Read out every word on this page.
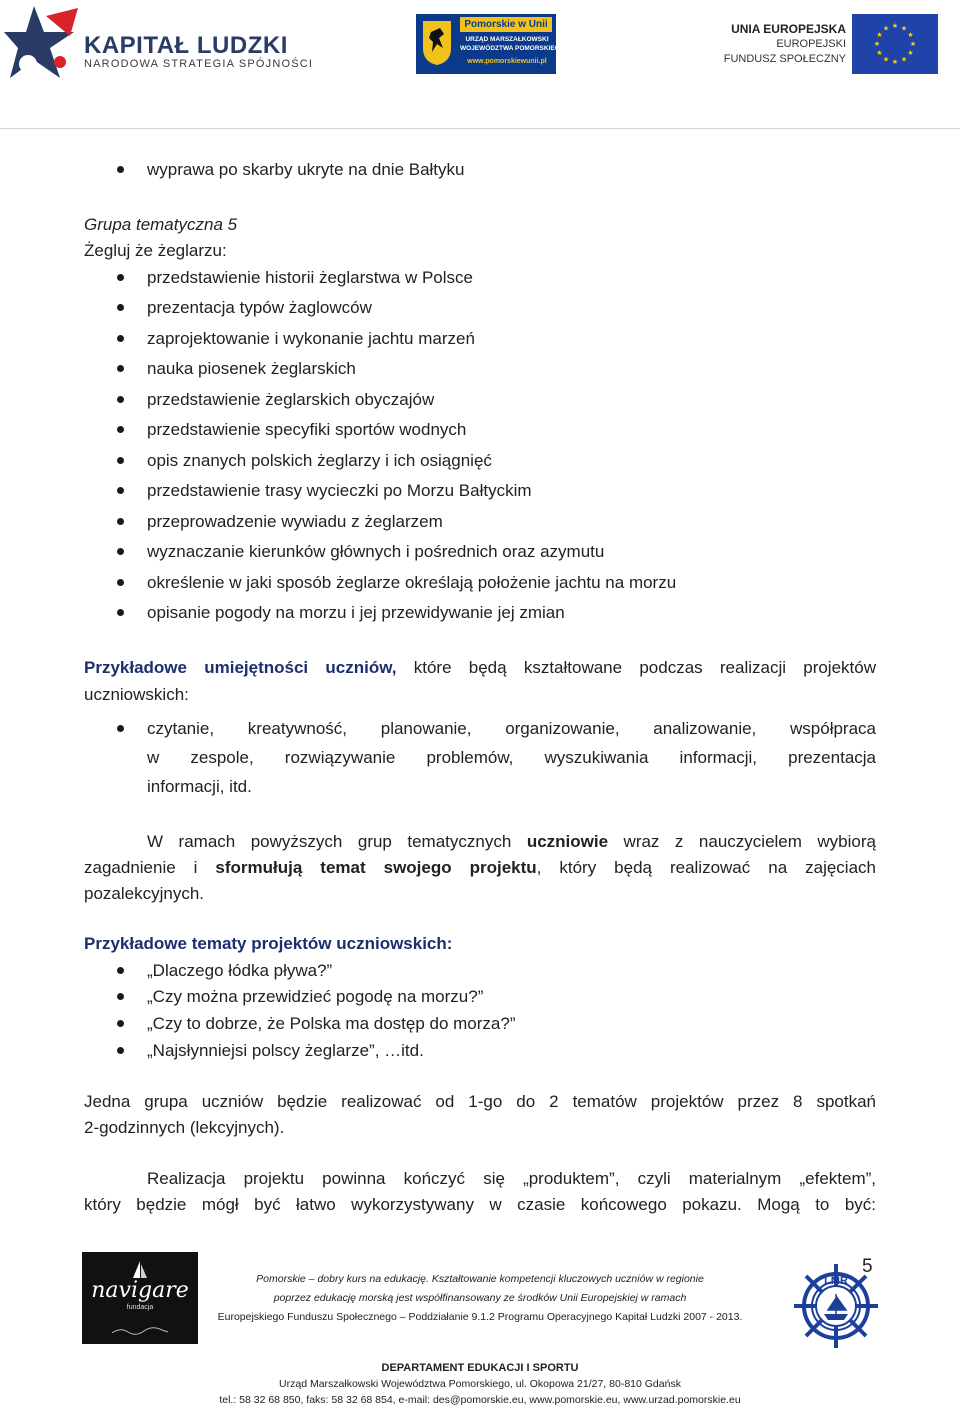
KAPITAŁ LUDZKI
NARODOWA STRATEGIA SPÓJNOŚCI
Pomorskie w Unii
URZĄD MARSZAŁKOWSKI
WOJEWÓDZTWA POMORSKIEGO
www.pomorskiewunii.pl
UNIA EUROPEJSKA
EUROPEJSKI
FUNDUSZ SPOŁECZNY
★ ★
★
★
★
★
★
★
★
★
★
★
wyprawa po skarby ukryte na dnie Bałtyku
Grupa tematyczna 5
Żegluj że żeglarzu:
przedstawienie historii żeglarstwa w Polsce
prezentacja typów żaglowców
zaprojektowanie i wykonanie jachtu marzeń
nauka piosenek żeglarskich
przedstawienie żeglarskich obyczajów
przedstawienie specyfiki sportów wodnych
opis znanych polskich żeglarzy i ich osiągnięć
przedstawienie trasy wycieczki po Morzu Bałtyckim
przeprowadzenie wywiadu z żeglarzem
wyznaczanie kierunków głównych i pośrednich oraz azymutu
określenie w jaki sposób żeglarze określają położenie jachtu na morzu
opisanie pogody na morzu i jej przewidywanie jej zmian
Przykładowe umiejętności uczniów, które będą kształtowane podczas realizacji projektów
uczniowskich:
czytanie, kreatywność, planowanie, organizowanie, analizowanie, współpraca
w zespole, rozwiązywanie problemów, wyszukiwania informacji, prezentacja
informacji, itd.
W ramach powyższych grup tematycznych uczniowie wraz z nauczycielem wybiorą
zagadnienie i sformułują temat swojego projektu, który będą realizować na zajęciach
pozalekcyjnych.
Przykładowe tematy projektów uczniowskich:
„Dlaczego łódka pływa?”
„Czy można przewidzieć pogodę na morzu?”
„Czy to dobrze, że Polska ma dostęp do morza?”
„Najsłynniejsi polscy żeglarze”, …itd.
Jedna grupa uczniów będzie realizować od 1-go do 2 tematów projektów przez 8 spotkań
2-godzinnych (lekcyjnych).
Realizacja projektu powinna kończyć się „produktem”, czyli materialnym „efektem”,
który będzie mógł być łatwo wykorzystywany w czasie końcowego pokazu. Mogą to być:
navigare
fundacja
Pomorskie – dobry kurs na edukację. Kształtowanie kompetencji kluczowych uczniów w regionie
poprzez edukację morską jest współfinansowany ze środków Unii Europejskiej w ramach
Europejskiego Funduszu Społecznego – Poddziałanie 9.1.2 Programu Operacyjnego Kapitał Ludzki 2007 - 2013.
DEPARTAMENT EDUKACJI I SPORTU
Urząd Marszałkowski Województwa Pomorskiego, ul. Okopowa 21/27, 80-810 Gdańsk
tel.: 58 32 68 850, faks: 58 32 68 854, e-mail: des@pomorskie.eu, www.pomorskie.eu, www.urzad.pomorskie.eu
LMR
5
